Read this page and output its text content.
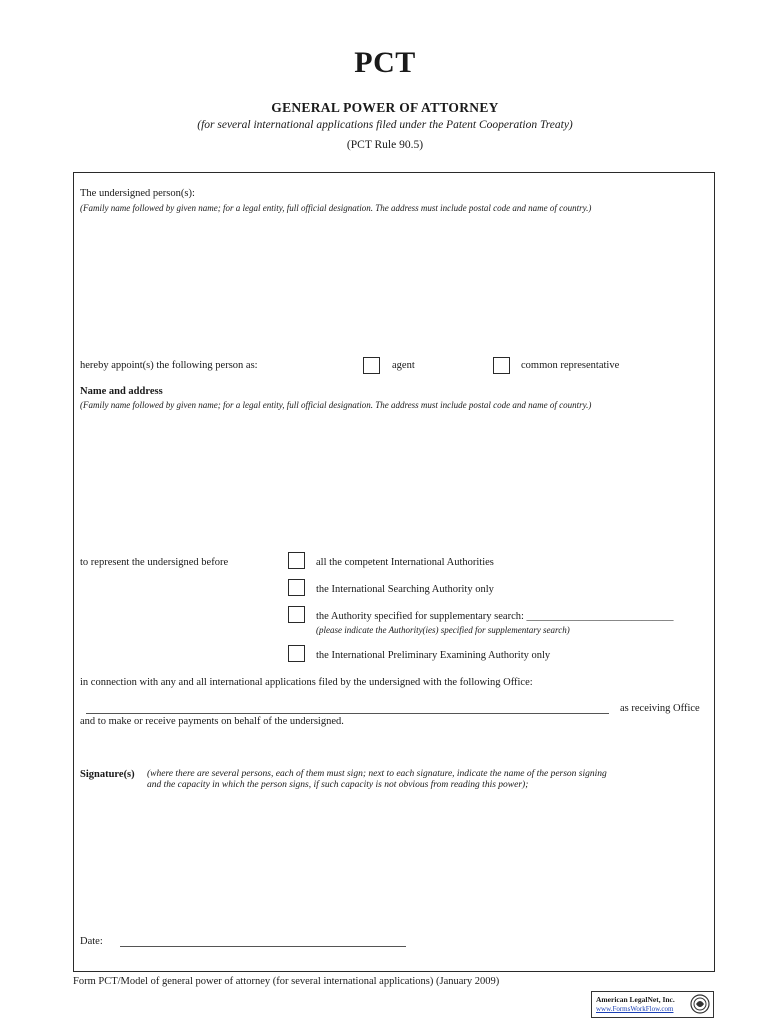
PCT
GENERAL POWER OF ATTORNEY
(for several international applications filed under the Patent Cooperation Treaty)
(PCT Rule 90.5)
The undersigned person(s):
(Family name followed by given name; for a legal entity, full official designation. The address must include postal code and name of country.)
hereby appoint(s) the following person as:	agent	common representative
Name and address
(Family name followed by given name; for a legal entity, full official designation. The address must include postal code and name of country.)
to represent the undersigned before	all the competent International Authorities
the International Searching Authority only
the Authority specified for supplementary search: ____________________________
(please indicate the Authority(ies) specified for supplementary search)
the International Preliminary Examining Authority only
in connection with any and all international applications filed by the undersigned with the following Office:
as receiving Office
and to make or receive payments on behalf of the undersigned.
Signature(s) (where there are several persons, each of them must sign; next to each signature, indicate the name of the person signing
and the capacity in which the person signs, if such capacity is not obvious from reading this power);
Date:
Form PCT/Model of general power of attorney (for several international applications) (January 2009)
American LegalNet, Inc.
www.FormsWorkFlow.com
